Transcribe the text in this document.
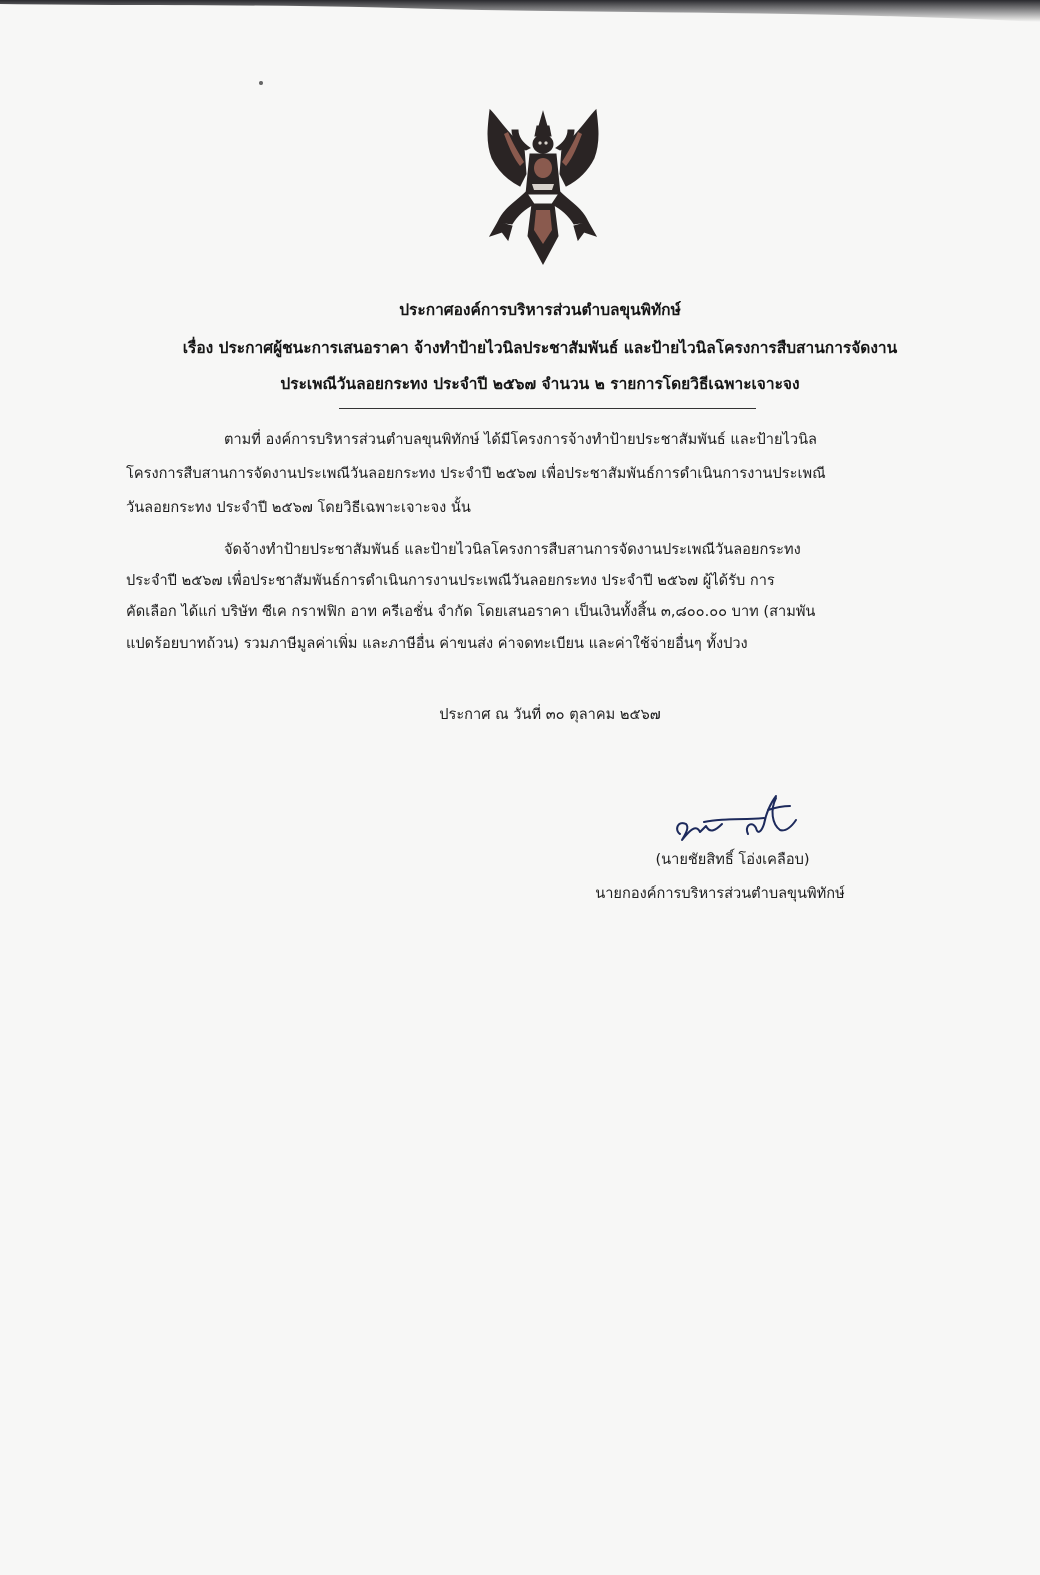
ประกาศองค์การบริหารส่วนตำบลขุนพิทักษ์
เรื่อง ประกาศผู้ชนะการเสนอราคา จ้างทำป้ายไวนิลประชาสัมพันธ์ และป้ายไวนิลโครงการสืบสานการจัดงาน
ประเพณีวันลอยกระทง ประจำปี ๒๕๖๗ จำนวน ๒ รายการโดยวิธีเฉพาะเจาะจง
ตามที่ องค์การบริหารส่วนตำบลขุนพิทักษ์ ได้มีโครงการจ้างทำป้ายประชาสัมพันธ์ และป้ายไวนิล
โครงการสืบสานการจัดงานประเพณีวันลอยกระทง ประจำปี ๒๕๖๗ เพื่อประชาสัมพันธ์การดำเนินการงานประเพณี
วันลอยกระทง ประจำปี ๒๕๖๗ โดยวิธีเฉพาะเจาะจง นั้น
จัดจ้างทำป้ายประชาสัมพันธ์ และป้ายไวนิลโครงการสืบสานการจัดงานประเพณีวันลอยกระทง
ประจำปี ๒๕๖๗ เพื่อประชาสัมพันธ์การดำเนินการงานประเพณีวันลอยกระทง ประจำปี ๒๕๖๗ ผู้ได้รับ การ
คัดเลือก ได้แก่ บริษัท ซีเค กราฟฟิก อาท ครีเอชั่น จำกัด โดยเสนอราคา เป็นเงินทั้งสิ้น ๓,๘๐๐.๐๐ บาท (สามพัน
แปดร้อยบาทถ้วน) รวมภาษีมูลค่าเพิ่ม และภาษีอื่น ค่าขนส่ง ค่าจดทะเบียน และค่าใช้จ่ายอื่นๆ ทั้งปวง
ประกาศ ณ วันที่ ๓๐ ตุลาคม ๒๕๖๗
(นายชัยสิทธิ์ โอ่งเคลือบ)
นายกองค์การบริหารส่วนตำบลขุนพิทักษ์
